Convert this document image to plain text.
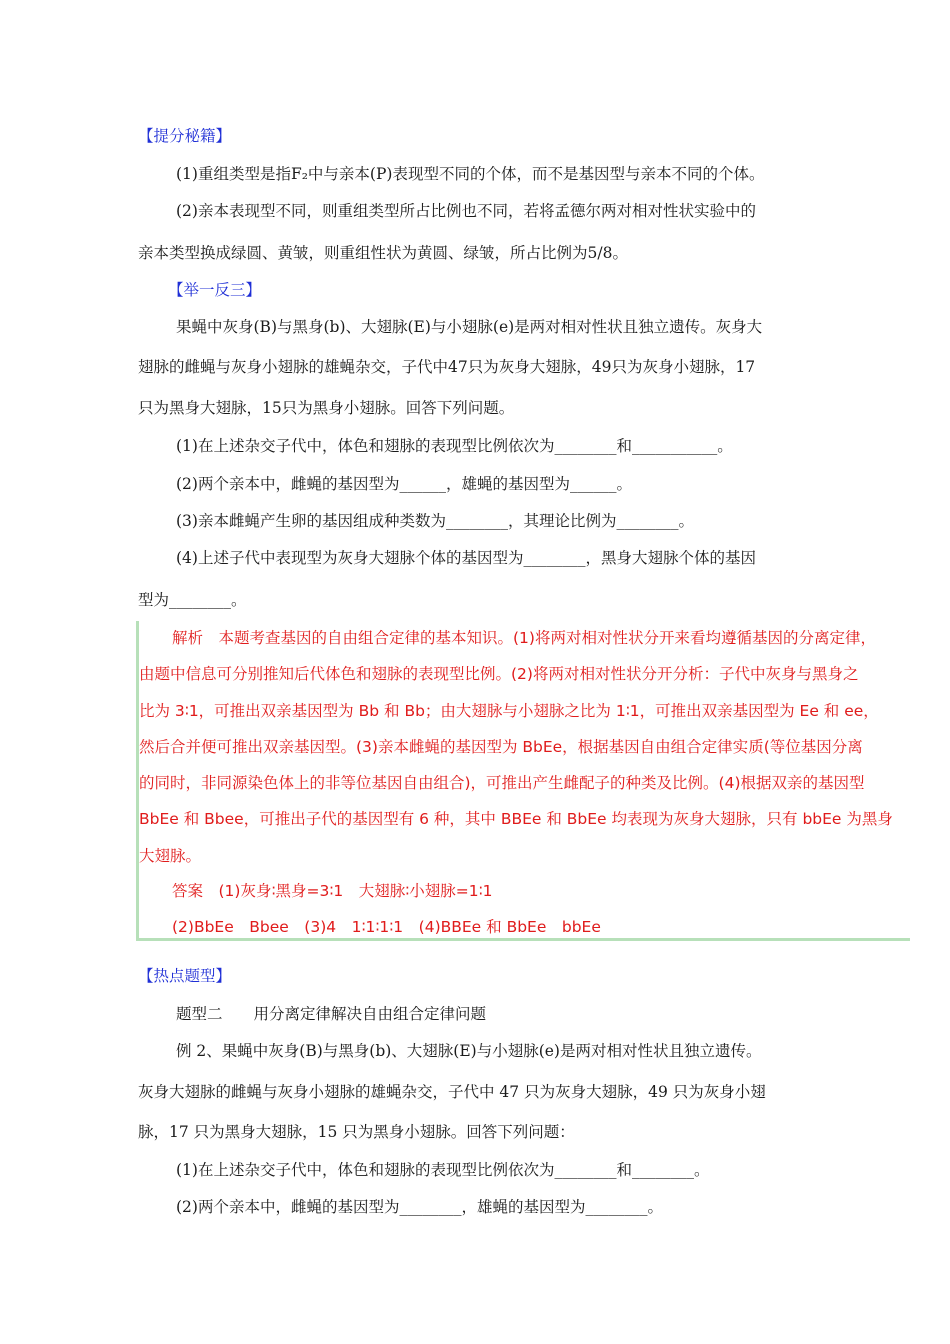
【提分秘籍】
(1)重组类型是指F₂中与亲本(P)表现型不同的个体，而不是基因型与亲本不同的个体。
(2)亲本表现型不同，则重组类型所占比例也不同，若将孟德尔两对相对性状实验中的
亲本类型换成绿圆、黄皱，则重组性状为黄圆、绿皱，所占比例为5/8。
【举一反三】
果蝇中灰身(B)与黑身(b)、大翅脉(E)与小翅脉(e)是两对相对性状且独立遗传。灰身大
翅脉的雌蝇与灰身小翅脉的雄蝇杂交，子代中47只为灰身大翅脉，49只为灰身小翅脉，17
只为黑身大翅脉，15只为黑身小翅脉。回答下列问题。
(1)在上述杂交子代中，体色和翅脉的表现型比例依次为________和___________。
(2)两个亲本中，雌蝇的基因型为______，雄蝇的基因型为______。
(3)亲本雌蝇产生卵的基因组成种类数为________，其理论比例为________。
(4)上述子代中表现型为灰身大翅脉个体的基因型为________，黑身大翅脉个体的基因
型为________。
解析　本题考查基因的自由组合定律的基本知识。(1)将两对相对性状分开来看均遵循基因的分离定律，
由题中信息可分别推知后代体色和翅脉的表现型比例。(2)将两对相对性状分开分析：子代中灰身与黑身之
比为 3∶1，可推出双亲基因型为 Bb 和 Bb；由大翅脉与小翅脉之比为 1∶1，可推出双亲基因型为 Ee 和 ee，
然后合并便可推出双亲基因型。(3)亲本雌蝇的基因型为 BbEe，根据基因自由组合定律实质(等位基因分离
的同时，非同源染色体上的非等位基因自由组合)，可推出产生雌配子的种类及比例。(4)根据双亲的基因型
BbEe 和 Bbee，可推出子代的基因型有 6 种，其中 BBEe 和 BbEe 均表现为灰身大翅脉，只有 bbEe 为黑身
大翅脉。
答案　(1)灰身∶黑身=3∶1　大翅脉∶小翅脉=1∶1
(2)BbEe　Bbee　(3)4　1∶1∶1∶1　(4)BBEe 和 BbEe　bbEe
【热点题型】
题型二　　用分离定律解决自由组合定律问题
例 2、果蝇中灰身(B)与黑身(b)、大翅脉(E)与小翅脉(e)是两对相对性状且独立遗传。
灰身大翅脉的雌蝇与灰身小翅脉的雄蝇杂交，子代中 47 只为灰身大翅脉，49 只为灰身小翅
脉，17 只为黑身大翅脉，15 只为黑身小翅脉。回答下列问题：
(1)在上述杂交子代中，体色和翅脉的表现型比例依次为________和________。
(2)两个亲本中，雌蝇的基因型为________，雄蝇的基因型为________。
